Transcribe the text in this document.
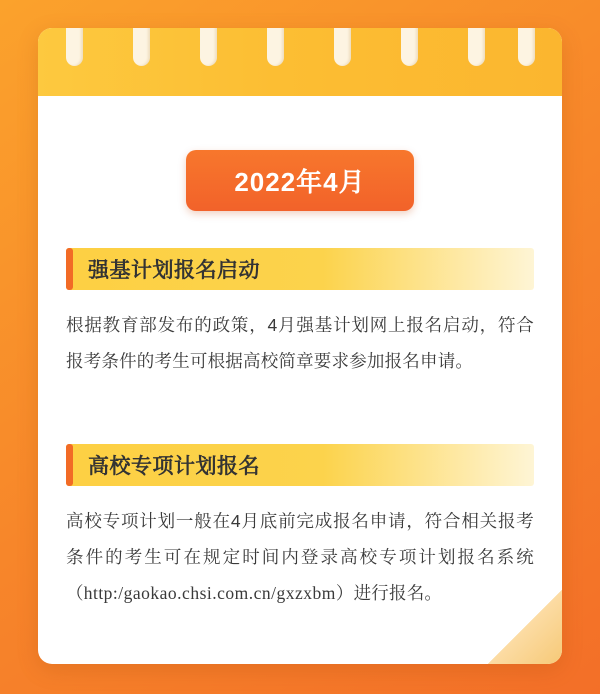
2022年4月
强基计划报名启动
根据教育部发布的政策，4月强基计划网上报名启动，符合报考条件的考生可根据高校简章要求参加报名申请。
高校专项计划报名
高校专项计划一般在4月底前完成报名申请，符合相关报考条件的考生可在规定时间内登录高校专项计划报名系统（http:/gaokao.chsi.com.cn/gxzxbm）进行报名。
